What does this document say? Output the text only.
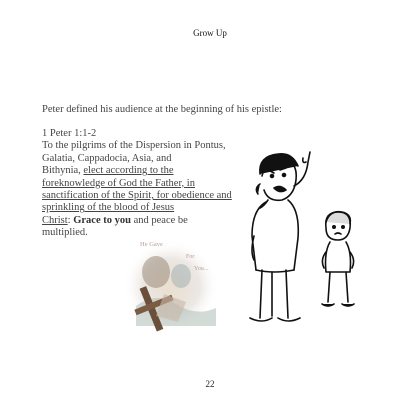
Grow Up
Peter defined his audience at the beginning of his epistle:
1 Peter 1:1-2
To the pilgrims of the Dispersion in Pontus,
Galatia, Cappadocia, Asia, and
Bithynia, elect according to the
foreknowledge of God the Father, in
sanctification of the Spirit, for obedience and
sprinkling of the blood of Jesus
Christ: Grace to you and peace be
multiplied.
He Gave
For
You...
22
